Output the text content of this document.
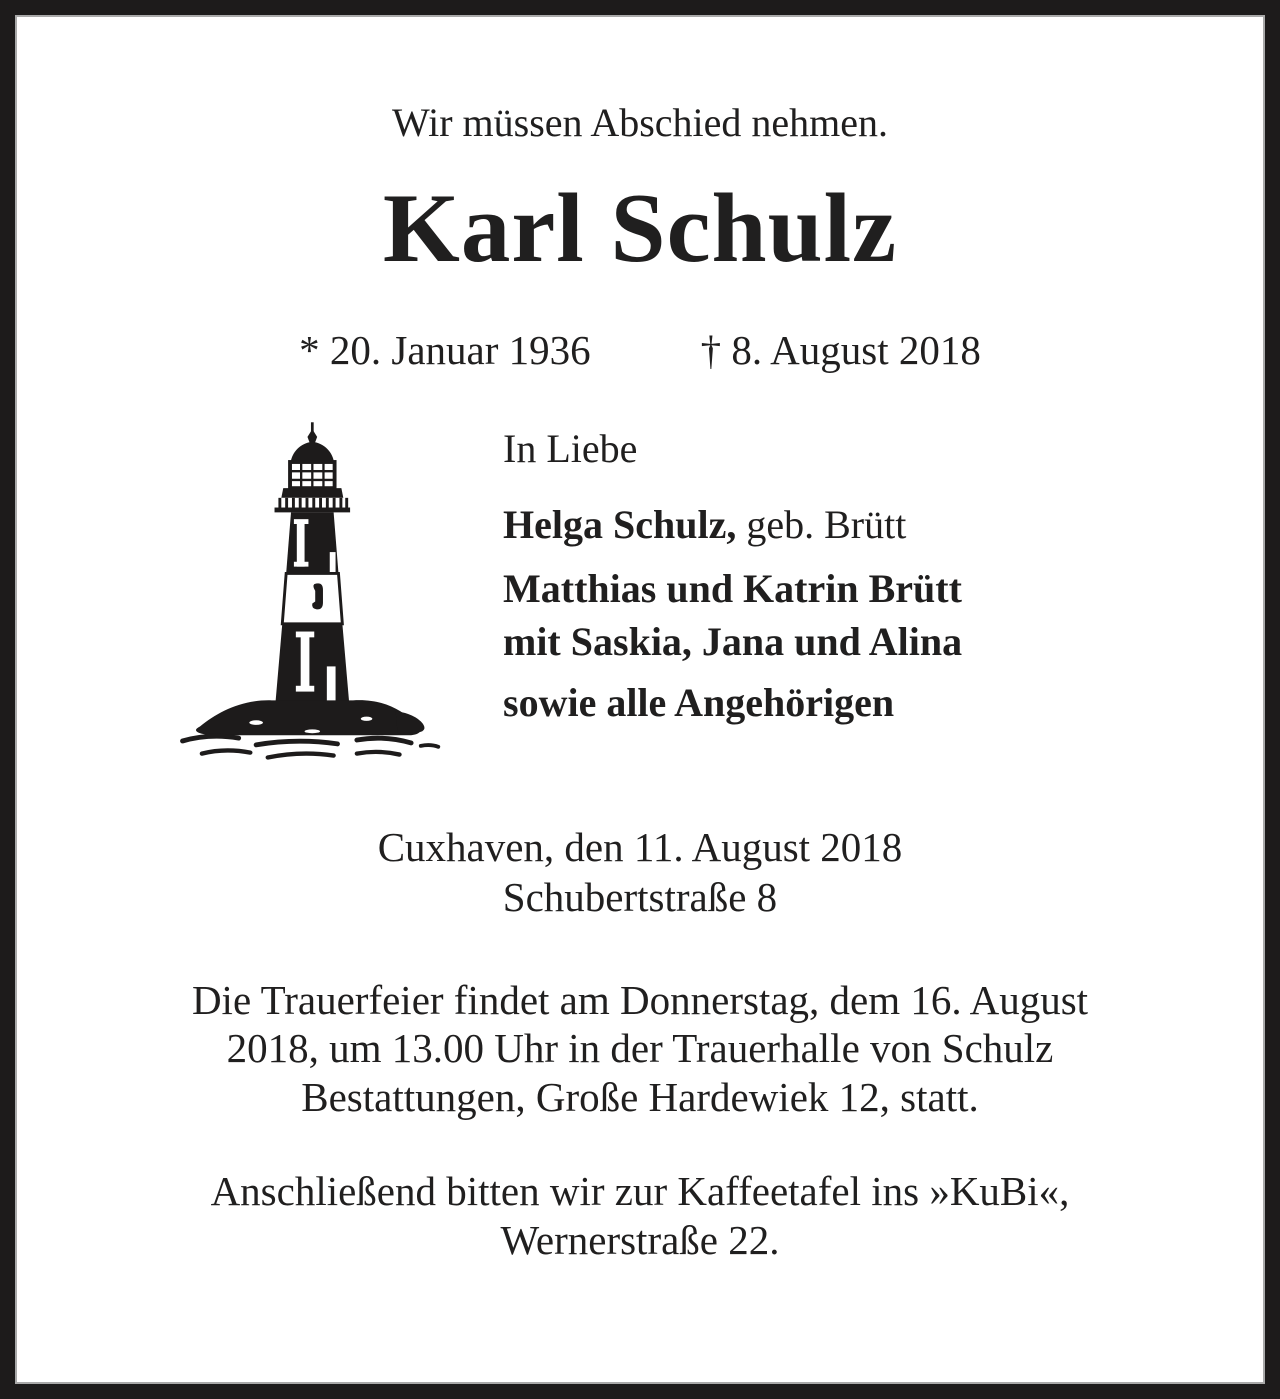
Wir müssen Abschied nehmen.

Karl Schulz
* 20. Januar 1936	† 8. August 2018

In Liebe

Helga Schulz, geb. Brütt

Matthias und Katrin Brütt

mit Saskia, Jana und Alina

sowie alle Angehörigen

Cuxhaven, den 11. August 2018

Schubertstraße 8

Die Trauerfeier findet am Donnerstag, dem 16. August

2018, um 13.00 Uhr in der Trauerhalle von Schulz

Bestattungen, Große Hardewiek 12, statt.

Anschließend bitten wir zur Kaffeetafel ins »KuBi«,

Wernerstraße 22.
